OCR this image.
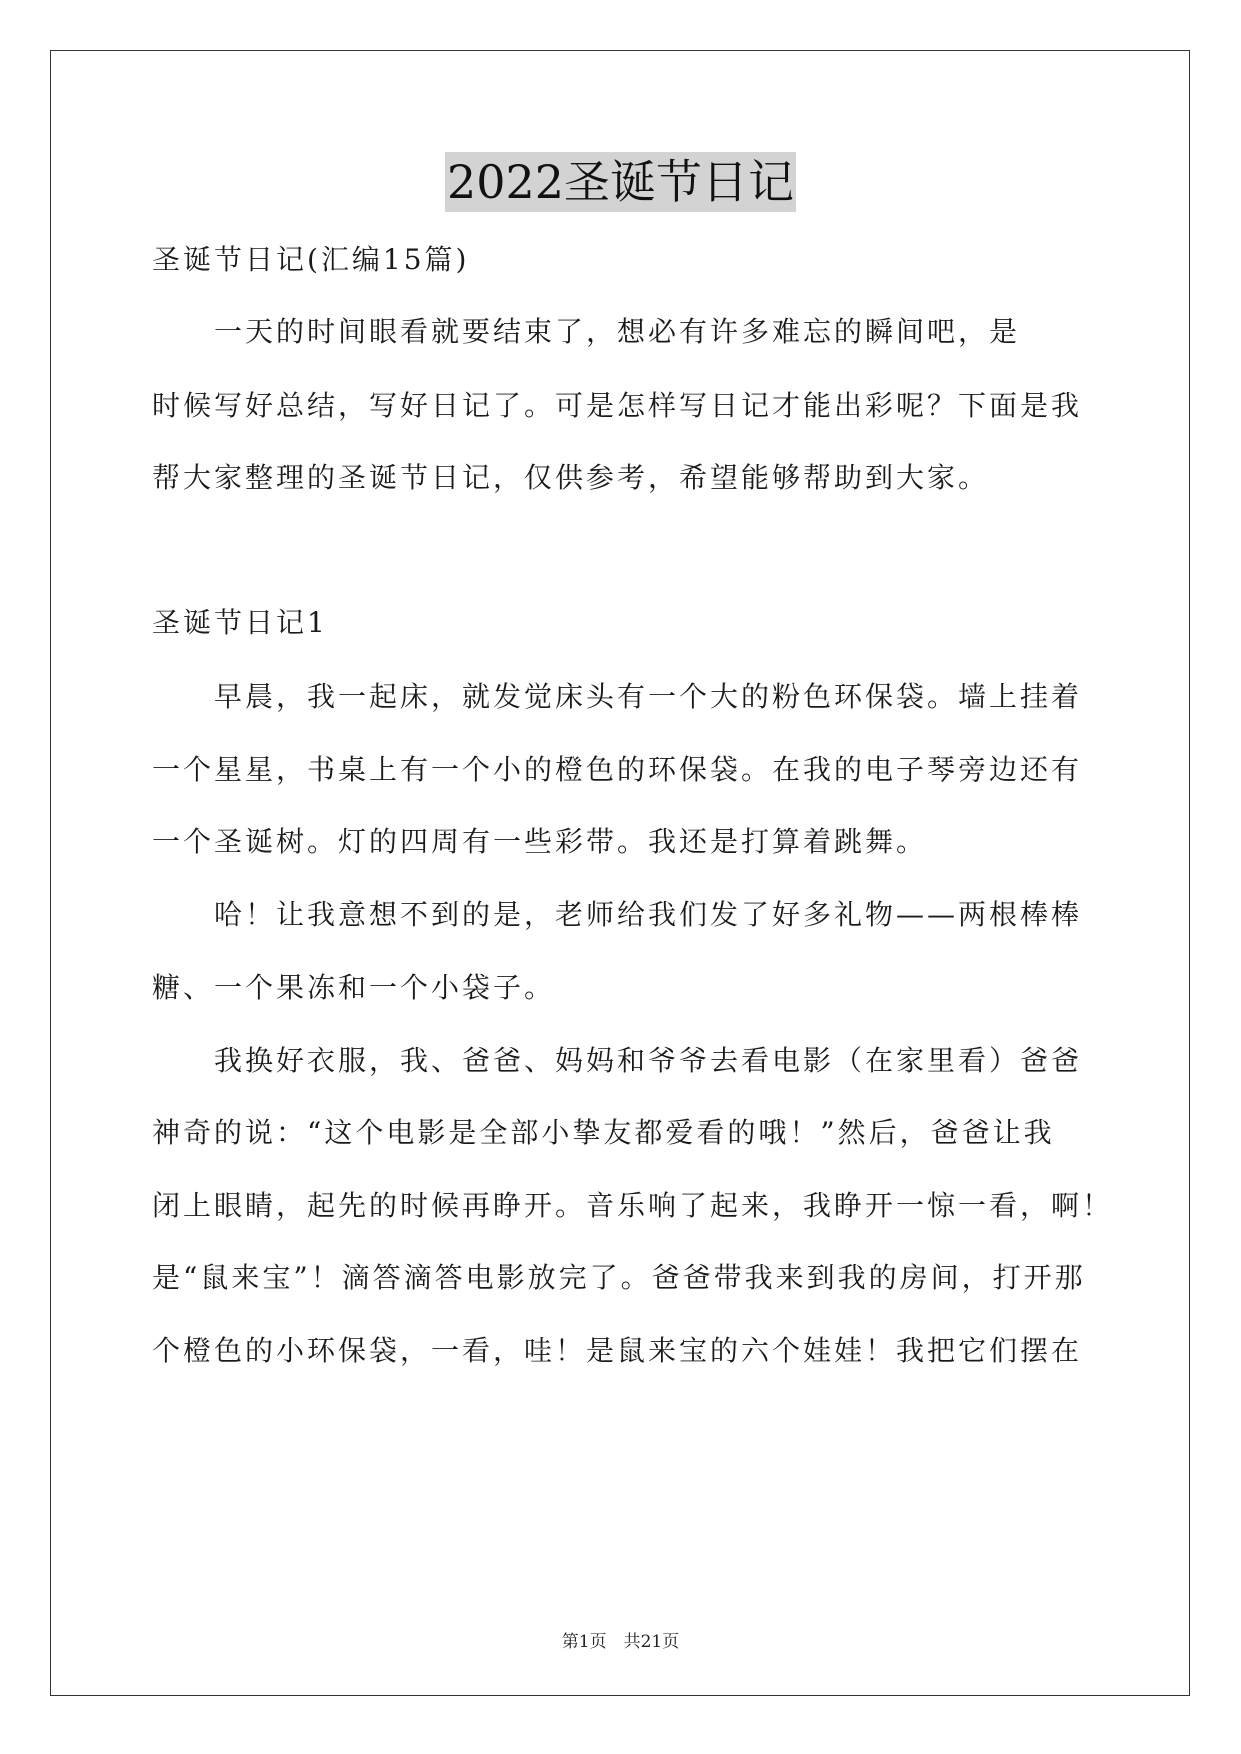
2022圣诞节日记
圣诞节日记(汇编15篇)
　　一天的时间眼看就要结束了，想必有许多难忘的瞬间吧，是
时候写好总结，写好日记了。可是怎样写日记才能出彩呢？下面是我
帮大家整理的圣诞节日记，仅供参考，希望能够帮助到大家。
圣诞节日记1
　　早晨，我一起床，就发觉床头有一个大的粉色环保袋。墙上挂着
一个星星，书桌上有一个小的橙色的环保袋。在我的电子琴旁边还有
一个圣诞树。灯的四周有一些彩带。我还是打算着跳舞。
　　哈！让我意想不到的是，老师给我们发了好多礼物——两根棒棒
糖、一个果冻和一个小袋子。
　　我换好衣服，我、爸爸、妈妈和爷爷去看电影（在家里看）爸爸
神奇的说：“这个电影是全部小挚友都爱看的哦！”然后，爸爸让我
闭上眼睛，起先的时候再睁开。音乐响了起来，我睁开一惊一看，啊！
是“鼠来宝”！滴答滴答电影放完了。爸爸带我来到我的房间，打开那
个橙色的小环保袋，一看，哇！是鼠来宝的六个娃娃！我把它们摆在
第1页　共21页
